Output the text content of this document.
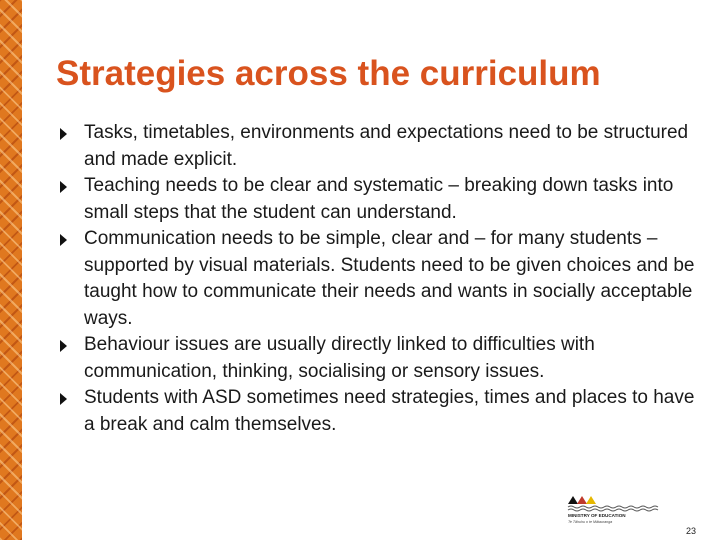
Strategies across the curriculum
Tasks, timetables, environments and expectations need to be structured and made explicit.
Teaching needs to be clear and systematic – breaking down tasks into small steps that the student can understand.
Communication needs to be simple, clear and – for many students – supported by visual materials. Students need to be given choices and be taught how to communicate their needs and wants in socially acceptable ways.
Behaviour issues are usually directly linked to difficulties with communication, thinking, socialising or sensory issues.
Students with ASD sometimes need strategies, times and places to have a break and calm themselves.
MINISTRY OF EDUCATION
Te Tāhuhu o te Mātauranga
23
